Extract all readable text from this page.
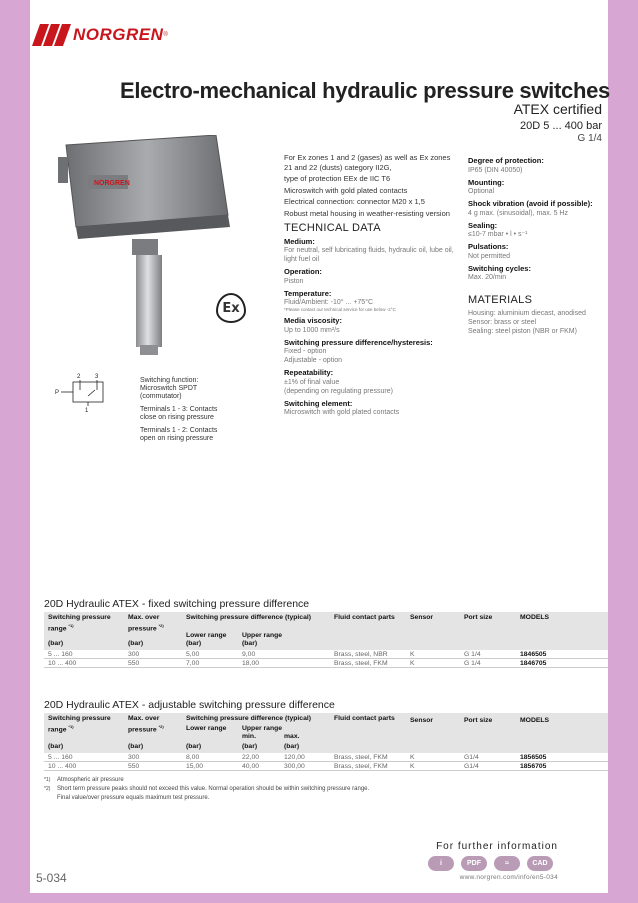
NORGREN ®
Electro-mechanical hydraulic pressure switches
ATEX certified
20D 5 ... 400 bar
G 1/4
NORGREN
Ex
2 3
P
1

Switching function: Microswitch SPDT (commutator)

Terminals 1 - 3: Contacts close on rising pressure

Terminals 1 - 2: Contacts open on rising pressure

For Ex zones 1 and 2 (gases) as well as Ex zones 21 and 22 (dusts) category II2G,

type of protection EEx de IIC T6

Microswitch with gold plated contacts

Electrical connection: connector M20 x 1,5

Robust metal housing in weather-resisting version

TECHNICAL DATA
Medium:
For neutral, self lubricating fluids, hydraulic oil, lube oil, light fuel oil
Operation:
Piston
Temperature:
Fluid/Ambient: -10° ... +75°C
*Please contact our technical service for use below -2°C
Media viscosity:
Up to 1000 mm²/s
Switching pressure difference/hysteresis:
Fixed - option
Adjustable - option
Repeatability:
±1% of final value
(depending on regulating pressure)
Switching element:
Microswitch with gold plated contacts
Degree of protection:
IP65 (DIN 40050)
Mounting:
Optional
Shock vibration (avoid if possible):
4 g max. (sinusoidal), max. 5 Hz
Sealing:
≤10-7 mbar • l • s⁻¹
Pulsations:
Not permitted
Switching cycles:
Max. 20/min
MATERIALS
Housing: aluminium diecast, anodised
Sensor: brass or steel
Sealing: steel piston (NBR or FKM)
20D Hydraulic ATEX - fixed switching pressure difference
Switching pressure range $^{*1)}$
Max. over pressure $^{*2)}$
Switching pressure difference (typical)
Lower range Upper range
Fluid contact parts Sensor	Port size	MODELS
(bar)	(bar)	(bar)	(bar)
5 ... 160	300	5,00	9,00	Brass, steel, NBR	K	G 1/4	1846505
10 ... 400	550	7,00	18,00	Brass, steel, FKM	K	G 1/4	1846705
20D Hydraulic ATEX - adjustable switching pressure difference
Switching pressure range $^{*1)}$
Max. over pressure $^{*2)}$
Switching pressure difference (typical)
Lower range Upper range
min.	max.
Fluid contact parts Sensor	Port size	MODELS
(bar)	(bar)	(bar)	(bar)	(bar)
5 ... 160	300	8,00	22,00	120,00	Brass, steel, FKM	K	G1/4	1856505
10 ... 400	550	15,00	40,00	300,00	Brass, steel, FKM	K	G1/4	1856705
*1) Atmospheric air pressure
*2) Short term pressure peaks should not exceed this value. Normal operation should be within switching pressure range.
Final value/over pressure equals maximum test pressure.
For further information
i	PDF	≈	CAD
www.norgren.com/info/en5-034
5-034
